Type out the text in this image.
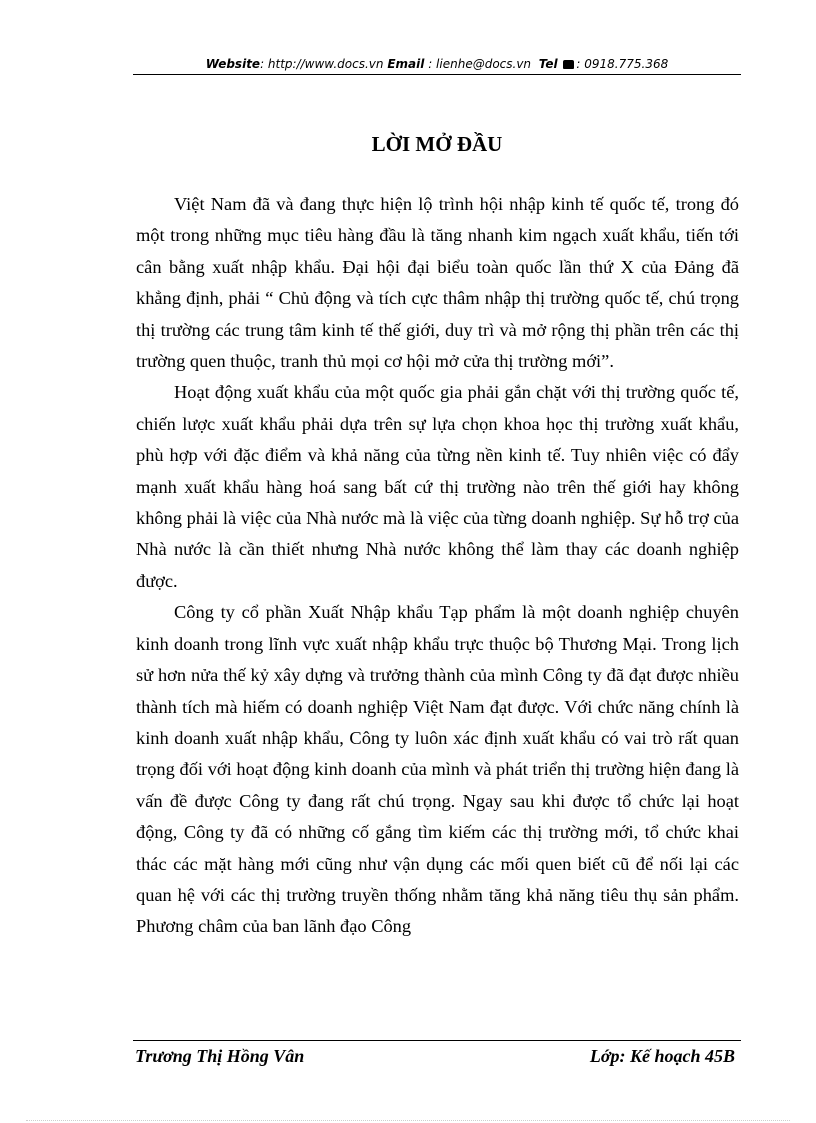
Website: http://www.docs.vn Email : lienhe@docs.vn Tel : 0918.775.368
LỜI MỞ ĐẦU

Việt Nam đã và đang thực hiện lộ trình hội nhập kinh tế quốc tế, trong đó một trong những mục tiêu hàng đầu là tăng nhanh kim ngạch xuất khẩu, tiến tới cân bằng xuất nhập khẩu. Đại hội đại biểu toàn quốc lần thứ X của Đảng đã khẳng định, phải “ Chủ động và tích cực thâm nhập thị trường quốc tế, chú trọng thị trường các trung tâm kinh tế thế giới, duy trì và mở rộng thị phần trên các thị trường quen thuộc, tranh thủ mọi cơ hội mở cửa thị trường mới”.

Hoạt động xuất khẩu của một quốc gia phải gắn chặt với thị trường quốc tế, chiến lược xuất khẩu phải dựa trên sự lựa chọn khoa học thị trường xuất khẩu, phù hợp với đặc điểm và khả năng của từng nền kinh tế. Tuy nhiên việc có đẩy mạnh xuất khẩu hàng hoá sang bất cứ thị trường nào trên thế giới hay không không phải là việc của Nhà nước mà là việc của từng doanh nghiệp. Sự hỗ trợ của Nhà nước là cần thiết nhưng Nhà nước không thể làm thay các doanh nghiệp được.

Công ty cổ phần Xuất Nhập khẩu Tạp phẩm là một doanh nghiệp chuyên kinh doanh trong lĩnh vực xuất nhập khẩu trực thuộc bộ Thương Mại. Trong lịch sử hơn nửa thế kỷ xây dựng và trưởng thành của mình Công ty đã đạt được nhiều thành tích mà hiếm có doanh nghiệp Việt Nam đạt được. Với chức năng chính là kinh doanh xuất nhập khẩu, Công ty luôn xác định xuất khẩu có vai trò rất quan trọng đối với hoạt động kinh doanh của mình và phát triển thị trường hiện đang là vấn đề được Công ty đang rất chú trọng. Ngay sau khi được tổ chức lại hoạt động, Công ty đã có những cố gắng tìm kiếm các thị trường mới, tổ chức khai thác các mặt hàng mới cũng như vận dụng các mối quen biết cũ để nối lại các quan hệ với các thị trường truyền thống nhằm tăng khả năng tiêu thụ sản phẩm. Phương châm của ban lãnh đạo Công

Trương Thị Hồng Vân	Lớp: Kế hoạch 45B
